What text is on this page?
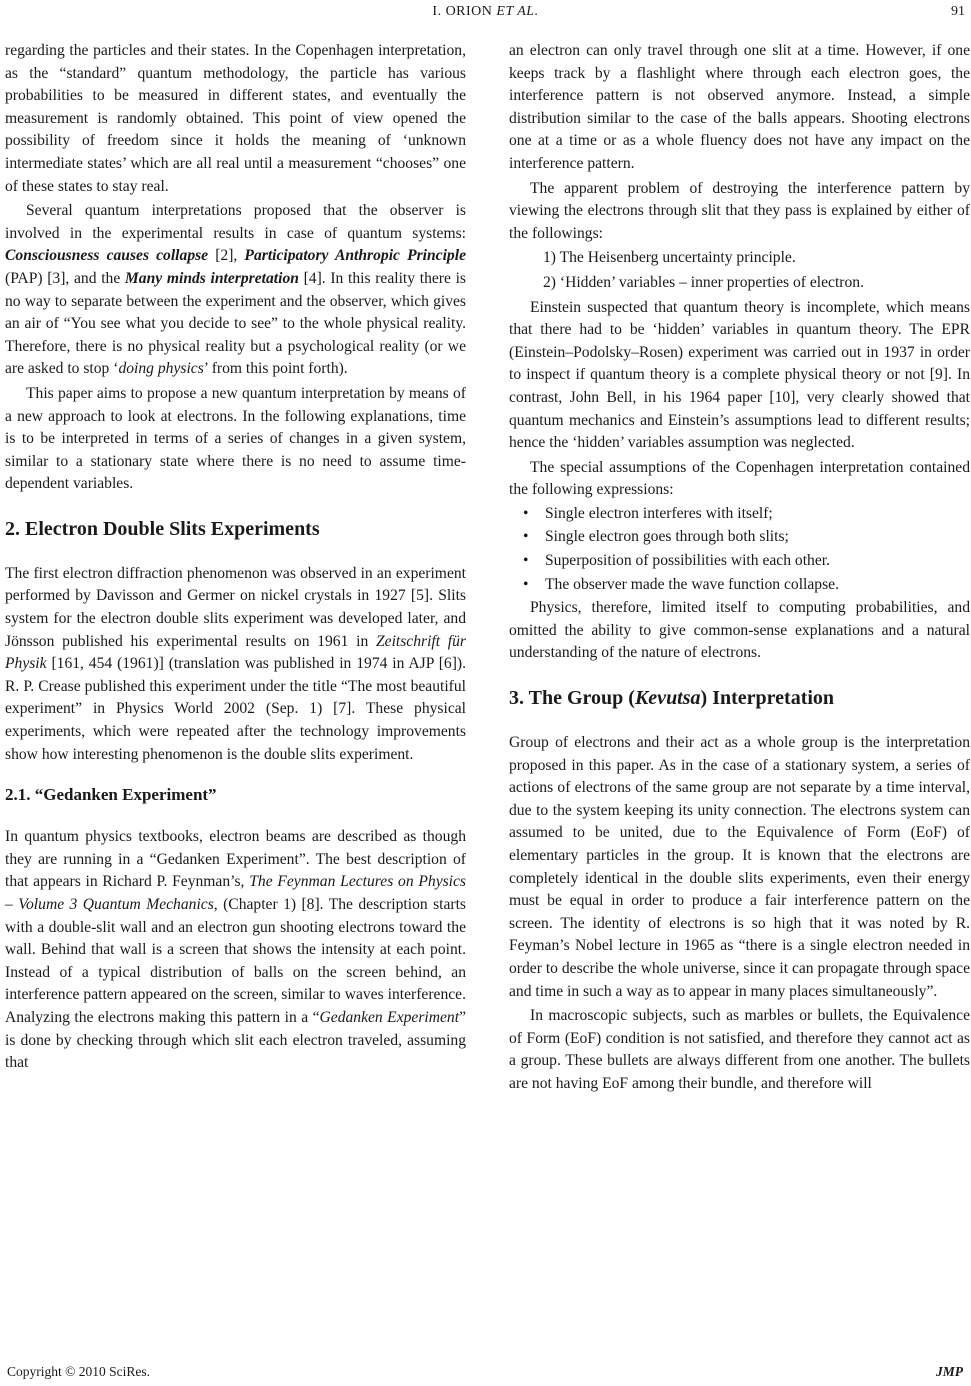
I. ORION ET AL.	91

regarding the particles and their states. In the Copenhagen interpretation, as the “standard” quantum methodology, the particle has various probabilities to be measured in different states, and eventually the measurement is randomly obtained. This point of view opened the possibility of freedom since it holds the meaning of ‘unknown intermediate states’ which are all real until a measurement “chooses” one of these states to stay real.

Several quantum interpretations proposed that the observer is involved in the experimental results in case of quantum systems: Consciousness causes collapse [2], Participatory Anthropic Principle (PAP) [3], and the Many minds interpretation [4]. In this reality there is no way to separate between the experiment and the observer, which gives an air of “You see what you decide to see” to the whole physical reality. Therefore, there is no physical reality but a psychological reality (or we are asked to stop ‘doing physics’ from this point forth).

This paper aims to propose a new quantum interpretation by means of a new approach to look at electrons. In the following explanations, time is to be interpreted in terms of a series of changes in a given system, similar to a stationary state where there is no need to assume time-dependent variables.

2. Electron Double Slits Experiments

The first electron diffraction phenomenon was observed in an experiment performed by Davisson and Germer on nickel crystals in 1927 [5]. Slits system for the electron double slits experiment was developed later, and Jönsson published his experimental results on 1961 in Zeitschrift für Physik [161, 454 (1961)] (translation was published in 1974 in AJP [6]). R. P. Crease published this experiment under the title “The most beautiful experiment” in Physics World 2002 (Sep. 1) [7]. These physical experiments, which were repeated after the technology improvements show how interesting phenomenon is the double slits experiment.

2.1. “Gedanken Experiment”

In quantum physics textbooks, electron beams are described as though they are running in a “Gedanken Experiment”. The best description of that appears in Richard P. Feynman’s, The Feynman Lectures on Physics – Volume 3 Quantum Mechanics, (Chapter 1) [8]. The description starts with a double-slit wall and an electron gun shooting electrons toward the wall. Behind that wall is a screen that shows the intensity at each point. Instead of a typical distribution of balls on the screen behind, an interference pattern appeared on the screen, similar to waves interference. Analyzing the electrons making this pattern in a “Gedanken Experiment” is done by checking through which slit each electron traveled, assuming that

an electron can only travel through one slit at a time. However, if one keeps track by a flashlight where through each electron goes, the interference pattern is not observed anymore. Instead, a simple distribution similar to the case of the balls appears. Shooting electrons one at a time or as a whole fluency does not have any impact on the interference pattern.

The apparent problem of destroying the interference pattern by viewing the electrons through slit that they pass is explained by either of the followings:

1) The Heisenberg uncertainty principle.

2) ‘Hidden’ variables – inner properties of electron.

Einstein suspected that quantum theory is incomplete, which means that there had to be ‘hidden’ variables in quantum theory. The EPR (Einstein–Podolsky–Rosen) experiment was carried out in 1937 in order to inspect if quantum theory is a complete physical theory or not [9]. In contrast, John Bell, in his 1964 paper [10], very clearly showed that quantum mechanics and Einstein’s assumptions lead to different results; hence the ‘hidden’ variables assumption was neglected.

The special assumptions of the Copenhagen interpretation contained the following expressions:

•	Single electron interferes with itself;
•	Single electron goes through both slits;
•	Superposition of possibilities with each other.
•	The observer made the wave function collapse.

Physics, therefore, limited itself to computing probabilities, and omitted the ability to give common-sense explanations and a natural understanding of the nature of electrons.

3. The Group (Kevutsa) Interpretation

Group of electrons and their act as a whole group is the interpretation proposed in this paper. As in the case of a stationary system, a series of actions of electrons of the same group are not separate by a time interval, due to the system keeping its unity connection. The electrons system can assumed to be united, due to the Equivalence of Form (EoF) of elementary particles in the group. It is known that the electrons are completely identical in the double slits experiments, even their energy must be equal in order to produce a fair interference pattern on the screen. The identity of electrons is so high that it was noted by R. Feyman’s Nobel lecture in 1965 as “there is a single electron needed in order to describe the whole universe, since it can propagate through space and time in such a way as to appear in many places simultaneously”.

In macroscopic subjects, such as marbles or bullets, the Equivalence of Form (EoF) condition is not satisfied, and therefore they cannot act as a group. These bullets are always different from one another. The bullets are not having EoF among their bundle, and therefore will

Copyright © 2010 SciRes.	JMP
